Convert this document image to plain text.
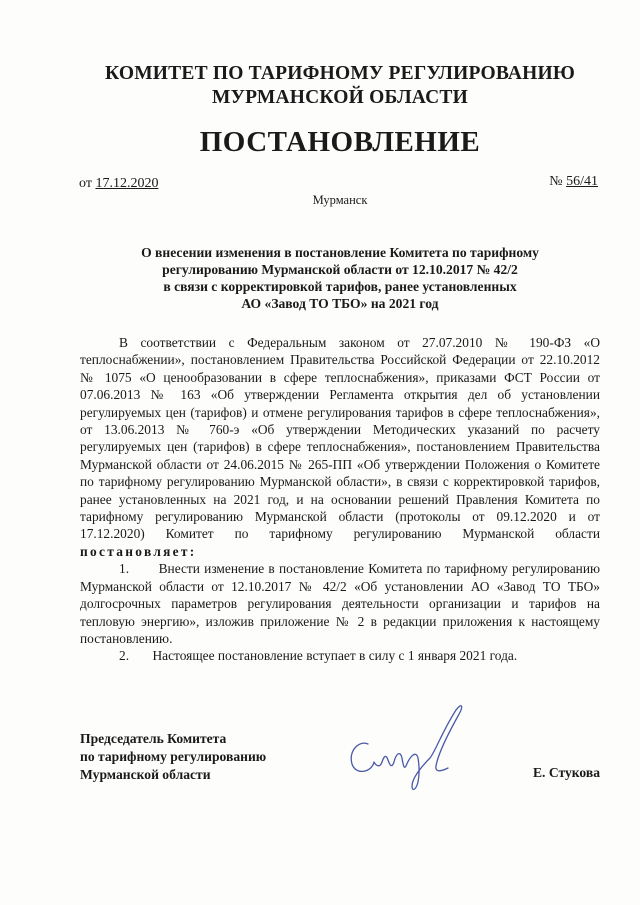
КОМИТЕТ ПО ТАРИФНОМУ РЕГУЛИРОВАНИЮ
МУРМАНСКОЙ ОБЛАСТИ
ПОСТАНОВЛЕНИЕ
от 17.12.2020	№ 56/41
Мурманск
О внесении изменения в постановление Комитета по тарифному
регулированию Мурманской области от 12.10.2017 № 42/2
в связи с корректировкой тарифов, ранее установленных
АО «Завод ТО ТБО» на 2021 год

В соответствии с Федеральным законом от 27.07.2010 № 190-ФЗ «О теплоснабжении», постановлением Правительства Российской Федерации от 22.10.2012 № 1075 «О ценообразовании в сфере теплоснабжения», приказами ФСТ России от 07.06.2013 № 163 «Об утверждении Регламента открытия дел об установлении регулируемых цен (тарифов) и отмене регулирования тарифов в сфере теплоснабжения», от 13.06.2013 № 760-э «Об утверждении Методических указаний по расчету регулируемых цен (тарифов) в сфере теплоснабжения», постановлением Правительства Мурманской области от 24.06.2015 № 265-ПП «Об утверждении Положения о Комитете по тарифному регулированию Мурманской области», в связи с корректировкой тарифов, ранее установленных на 2021 год, и на основании решений Правления Комитета по тарифному регулированию Мурманской области (протоколы от 09.12.2020 и от 17.12.2020) Комитет по тарифному регулированию Мурманской области постановляет:

1. Внести изменение в постановление Комитета по тарифному регулированию Мурманской области от 12.10.2017 № 42/2 «Об установлении АО «Завод ТО ТБО» долгосрочных параметров регулирования деятельности организации и тарифов на тепловую энергию», изложив приложение № 2 в редакции приложения к настоящему постановлению.

2. Настоящее постановление вступает в силу с 1 января 2021 года.

Председатель Комитета
по тарифному регулированию
Мурманской области	Е. Стукова
